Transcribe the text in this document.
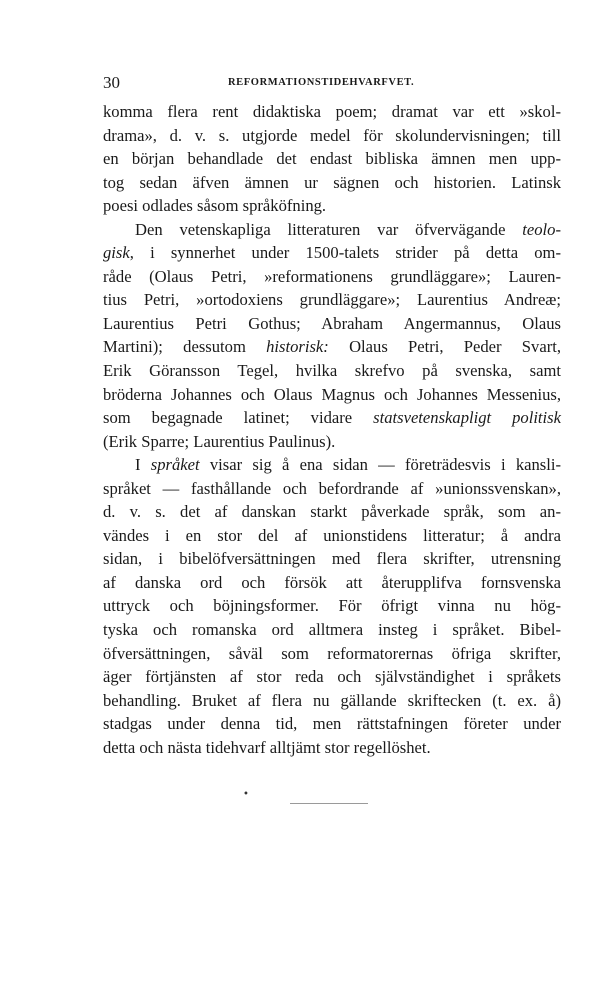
30	REFORMATIONSTIDEHVARFVET.
komma flera rent didaktiska poem; dramat var ett »skol-
drama», d. v. s. utgjorde medel för skolundervisningen; till
en början behandlade det endast bibliska ämnen men upp-
tog sedan äfven ämnen ur sägnen och historien. Latinsk
poesi odlades såsom språköfning.
Den vetenskapliga litteraturen var öfvervägande teolo-
gisk, i synnerhet under 1500-talets strider på detta om-
råde (Olaus Petri, »reformationens grundläggare»; Lauren-
tius Petri, »ortodoxiens grundläggare»; Laurentius Andreæ;
Laurentius Petri Gothus; Abraham Angermannus, Olaus
Martini); dessutom historisk: Olaus Petri, Peder Svart,
Erik Göransson Tegel, hvilka skrefvo på svenska, samt
bröderna Johannes och Olaus Magnus och Johannes Messenius,
som begagnade latinet; vidare statsvetenskapligt politisk
(Erik Sparre; Laurentius Paulinus).
I språket visar sig å ena sidan — företrädesvis i kansli-
språket — fasthållande och befordrande af »unionssvenskan»,
d. v. s. det af danskan starkt påverkade språk, som an-
vändes i en stor del af unionstidens litteratur; å andra
sidan, i bibelöfversättningen med flera skrifter, utrensning
af danska ord och försök att återupplifva fornsvenska
uttryck och böjningsformer. För öfrigt vinna nu hög-
tyska och romanska ord alltmera insteg i språket. Bibel-
öfversättningen, såväl som reformatorernas öfriga skrifter,
äger förtjänsten af stor reda och självständighet i språkets
behandling. Bruket af flera nu gällande skriftecken (t. ex. å)
stadgas under denna tid, men rättstafningen företer under
detta och nästa tidehvarf alltjämt stor regellöshet.
•
